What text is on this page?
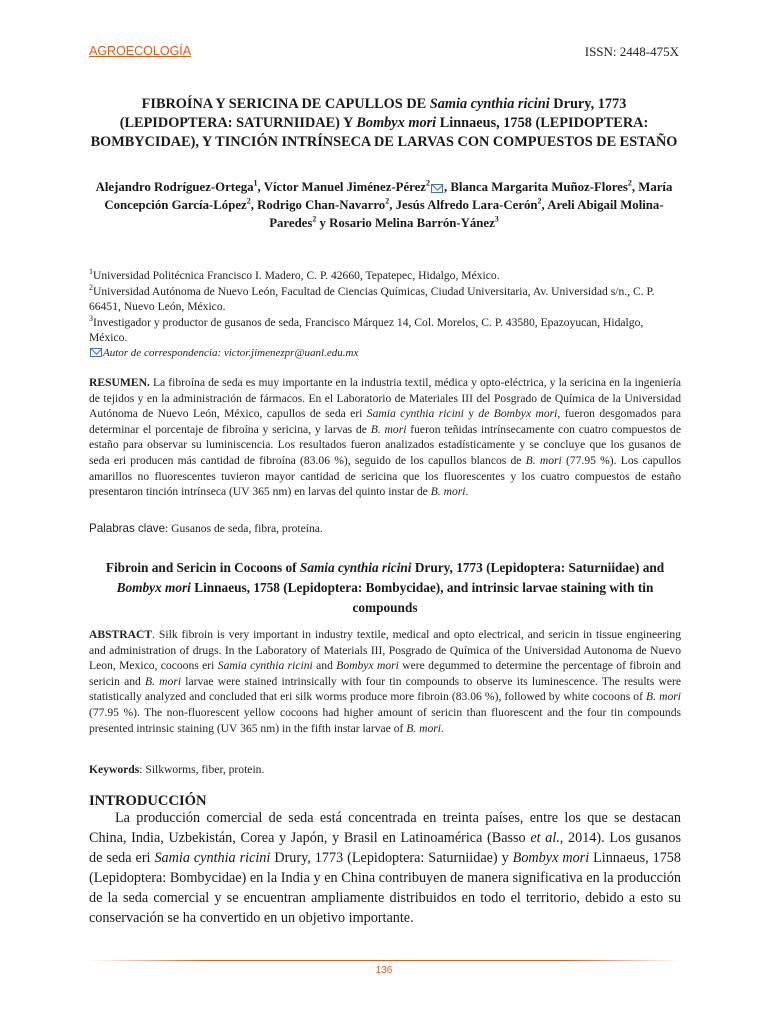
AGROECOLOGÍA	ISSN: 2448-475X
FIBROÍNA Y SERICINA DE CAPULLOS DE Samia cynthia ricini Drury, 1773 (LEPIDOPTERA: SATURNIIDAE) Y Bombyx mori Linnaeus, 1758 (LEPIDOPTERA: BOMBYCIDAE), Y TINCIÓN INTRÍNSECA DE LARVAS CON COMPUESTOS DE ESTAÑO
Alejandro Rodríguez-Ortega$^1$, Víctor Manuel Jiménez-Pérez$^2$ , Blanca Margarita Muñoz-Flores$^2$, María Concepción García-López$^2$, Rodrigo Chan-Navarro$^2$, Jesús Alfredo Lara-Cerón$^2$, Areli Abigail Molina-Paredes$^2$ y Rosario Melina Barrón-Yánez$^3$

$^1$Universidad Politécnica Francisco I. Madero, C. P. 42660, Tepatepec, Hidalgo, México.

$^2$Universidad Autónoma de Nuevo León, Facultad de Ciencias Químicas, Ciudad Universitaria, Av. Universidad s/n., C. P. 66451, Nuevo León, México.

$^3$Investigador y productor de gusanos de seda, Francisco Márquez 14, Col. Morelos, C. P. 43580, Epazoyucan, Hidalgo, México.

Autor de correspondencia: victor.jimenezpr@uanl.edu.mx

RESUMEN. La fibroína de seda es muy importante en la industria textil, médica y opto-eléctrica, y la sericina en la ingeniería de tejidos y en la administración de fármacos. En el Laboratorio de Materiales III del Posgrado de Química de la Universidad Autónoma de Nuevo León, México, capullos de seda eri Samia cynthia ricini y de Bombyx mori, fueron desgomados para determinar el porcentaje de fibroína y sericina, y larvas de B. mori fueron teñidas intrínsecamente con cuatro compuestos de estaño para observar su luminiscencia. Los resultados fueron analizados estadísticamente y se concluye que los gusanos de seda eri producen más cantidad de fibroína (83.06 %), seguido de los capullos blancos de B. mori (77.95 %). Los capullos amarillos no fluorescentes tuvieron mayor cantidad de sericina que los fluorescentes y los cuatro compuestos de estaño presentaron tinción intrínseca (UV 365 nm) en larvas del quinto instar de B. mori.
Palabras clave: Gusanos de seda, fibra, proteína.
Fibroin and Sericin in Cocoons of Samia cynthia ricini Drury, 1773 (Lepidoptera: Saturniidae) and Bombyx mori Linnaeus, 1758 (Lepidoptera: Bombycidae), and intrinsic larvae staining with tin compounds
ABSTRACT. Silk fibroin is very important in industry textile, medical and opto electrical, and sericin in tissue engineering and administration of drugs. In the Laboratory of Materials III, Posgrado de Química of the Universidad Autonoma de Nuevo Leon, Mexico, cocoons eri Samia cynthia ricini and Bombyx mori were degummed to determine the percentage of fibroin and sericin and B. mori larvae were stained intrinsically with four tin compounds to observe its luminescence. The results were statistically analyzed and concluded that eri silk worms produce more fibroin (83.06 %), followed by white cocoons of B. mori (77.95 %). The non-fluorescent yellow cocoons had higher amount of sericin than fluorescent and the four tin compounds presented intrinsic staining (UV 365 nm) in the fifth instar larvae of B. mori.
Keywords: Silkworms, fiber, protein.
INTRODUCCIÓN
La producción comercial de seda está concentrada en treinta países, entre los que se destacan China, India, Uzbekistán, Corea y Japón, y Brasil en Latinoamérica (Basso et al., 2014). Los gusanos de seda eri Samia cynthia ricini Drury, 1773 (Lepidoptera: Saturniidae) y Bombyx mori Linnaeus, 1758 (Lepidoptera: Bombycidae) en la India y en China contribuyen de manera significativa en la producción de la seda comercial y se encuentran ampliamente distribuidos en todo el territorio, debido a esto su conservación se ha convertido en un objetivo importante.
136
